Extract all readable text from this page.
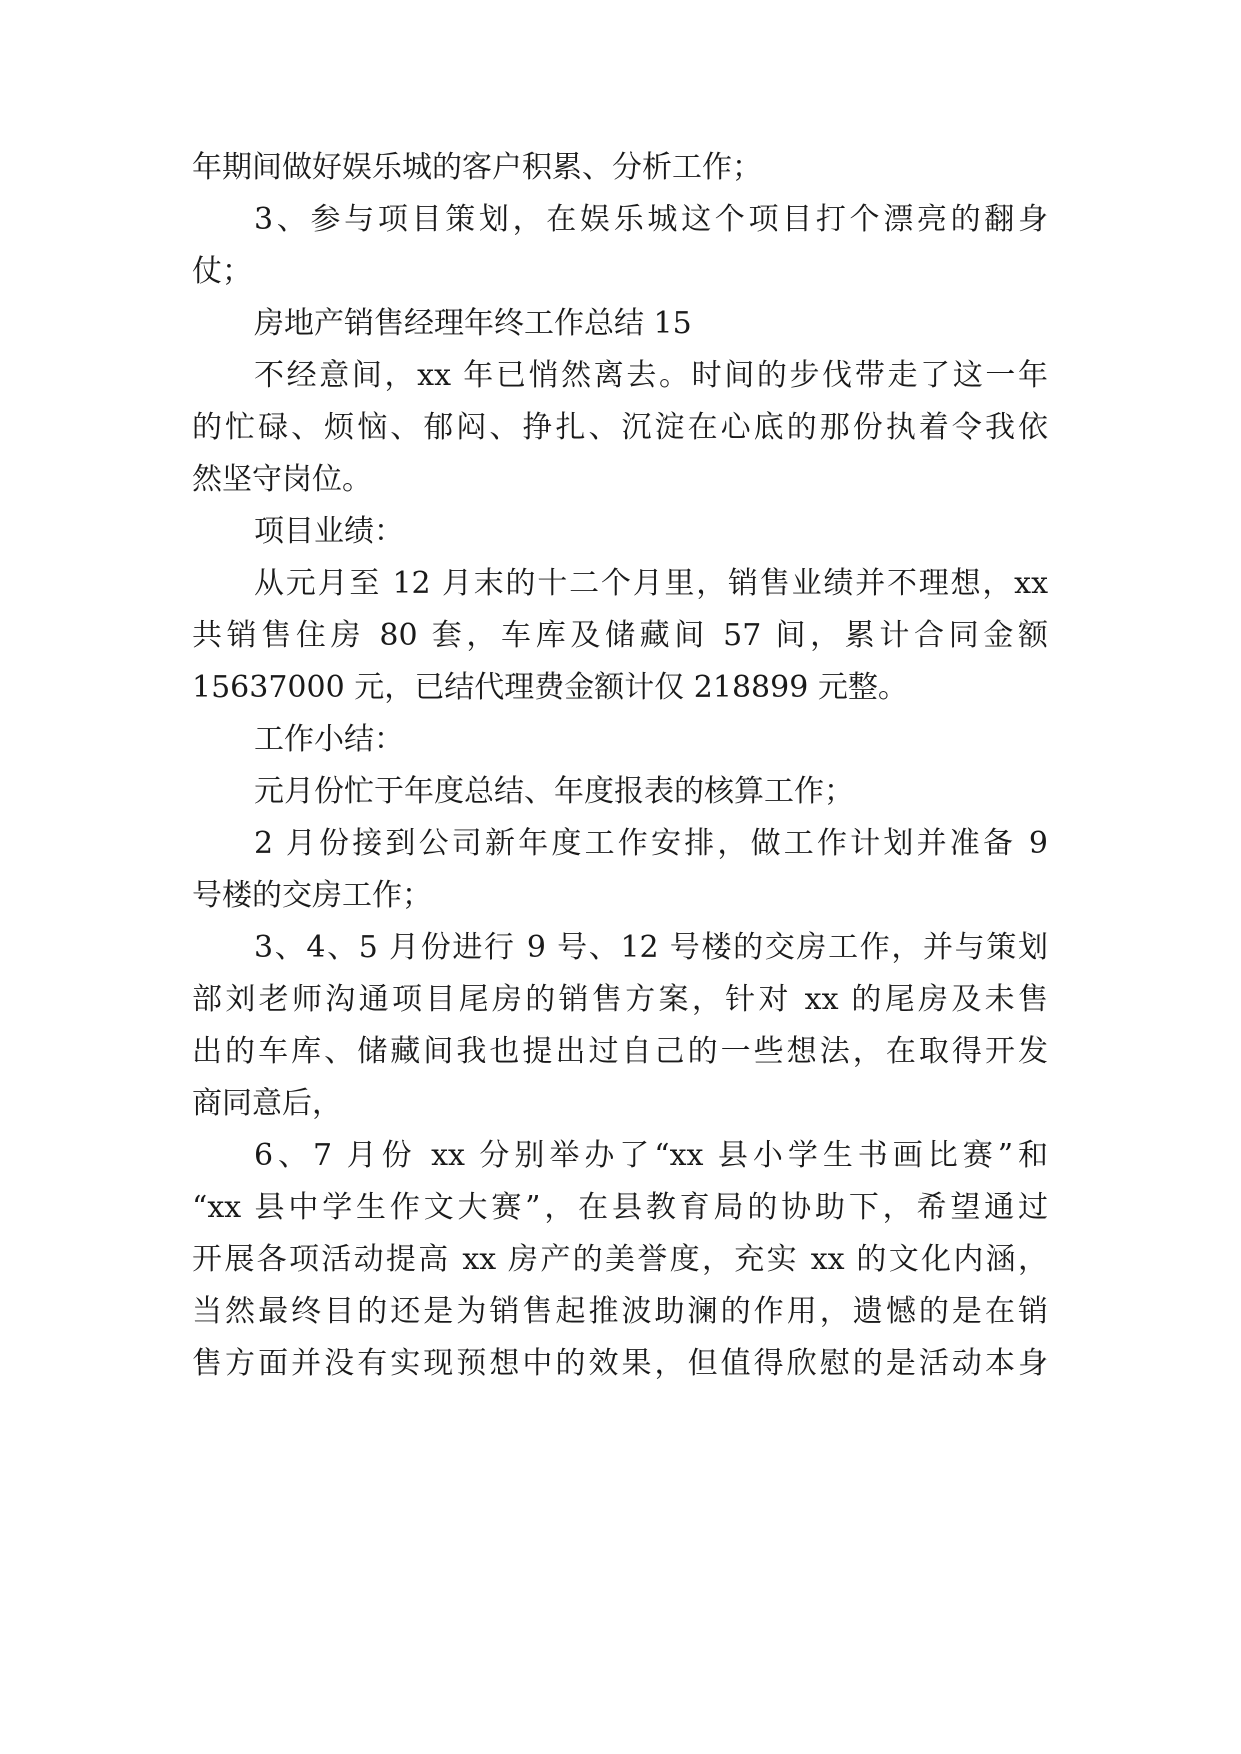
年期间做好娱乐城的客户积累、分析工作；

3、参与项目策划，在娱乐城这个项目打个漂亮的翻身

仗；

房地产销售经理年终工作总结 15

不经意间，xx 年已悄然离去。时间的步伐带走了这一年

的忙碌、烦恼、郁闷、挣扎、沉淀在心底的那份执着令我依

然坚守岗位。

项目业绩：

从元月至 12 月末的十二个月里，销售业绩并不理想，xx

共销售住房 80 套，车库及储藏间 57 间，累计合同金额

15637000 元，已结代理费金额计仅 218899 元整。

工作小结：

元月份忙于年度总结、年度报表的核算工作；

2 月份接到公司新年度工作安排，做工作计划并准备 9

号楼的交房工作；

3、4、5 月份进行 9 号、12 号楼的交房工作，并与策划

部刘老师沟通项目尾房的销售方案，针对 xx 的尾房及未售

出的车库、储藏间我也提出过自己的一些想法，在取得开发

商同意后，

6、7 月份 xx 分别举办了“xx 县小学生书画比赛”和

“xx 县中学生作文大赛”，在县教育局的协助下，希望通过

开展各项活动提高 xx 房产的美誉度，充实 xx 的文化内涵，

当然最终目的还是为销售起推波助澜的作用，遗憾的是在销

售方面并没有实现预想中的效果，但值得欣慰的是活动本身
